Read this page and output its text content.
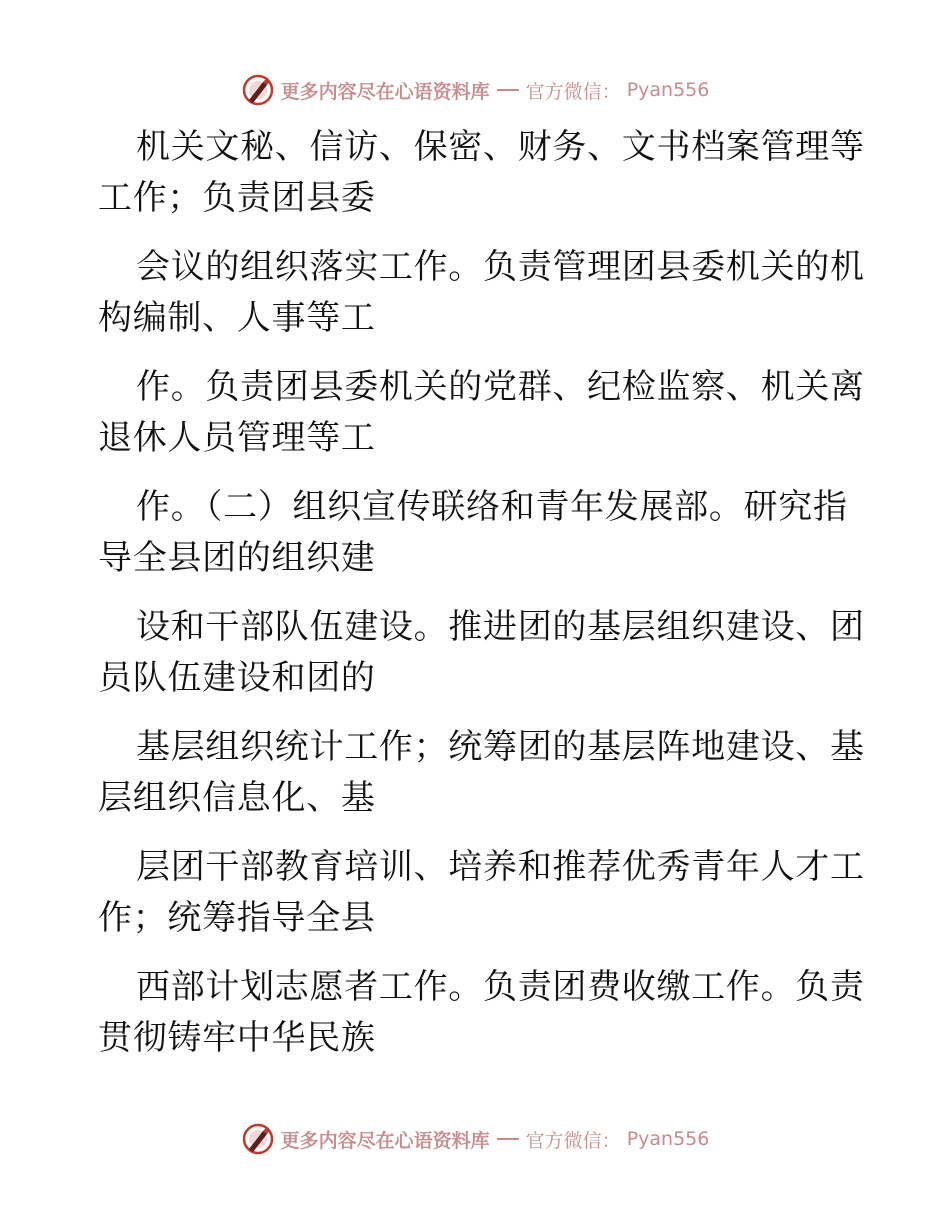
更多内容尽在心语资料库 官方微信： Pyan556
机关文秘、信访、保密、财务、文书档案管理等
工作；负责团县委
会议的组织落实工作。负责管理团县委机关的机
构编制、人事等工
作。负责团县委机关的党群、纪检监察、机关离
退休人员管理等工
作。（二）组织宣传联络和青年发展部。研究指
导全县团的组织建
设和干部队伍建设。推进团的基层组织建设、团
员队伍建设和团的
基层组织统计工作；统筹团的基层阵地建设、基
层组织信息化、基
层团干部教育培训、培养和推荐优秀青年人才工
作；统筹指导全县
西部计划志愿者工作。负责团费收缴工作。负责
贯彻铸牢中华民族
更多内容尽在心语资料库 官方微信： Pyan556
